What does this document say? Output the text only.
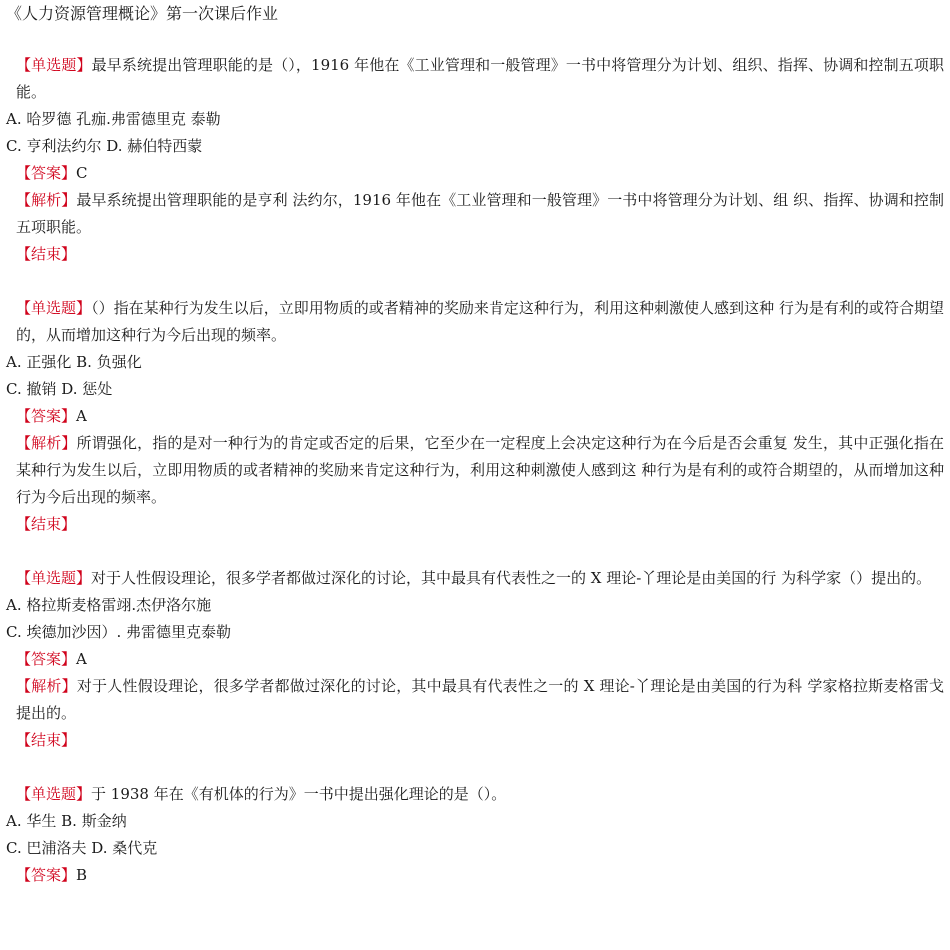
《人力资源管理概论》第一次课后作业

【单选题】最早系统提出管理职能的是（），1916 年他在《工业管理和一般管理》一书中将管理分为计划、组织、指挥、协调和控制五项职能。

A. 哈罗德 孔痂.弗雷德里克 泰勒

C. 亨利法约尔 D. 赫伯特西蒙

【答案】C

【解析】最早系统提出管理职能的是亨利 法约尔，1916 年他在《工业管理和一般管理》一书中将管理分为计划、组 织、指挥、协调和控制五项职能。

【结束】

【单选题】（）指在某种行为发生以后，立即用物质的或者精神的奖励来肯定这种行为，利用这种刺激使人感到这种 行为是有利的或符合期望的，从而增加这种行为今后出现的频率。

A. 正强化 B. 负强化

C. 撤销 D. 惩处

【答案】A

【解析】所谓强化，指的是对一种行为的肯定或否定的后果，它至少在一定程度上会决定这种行为在今后是否会重复 发生，其中正强化指在某种行为发生以后，立即用物质的或者精神的奖励来肯定这种行为，利用这种刺激使人感到这 种行为是有利的或符合期望的，从而增加这种行为今后出现的频率。

【结束】

【单选题】对于人性假设理论，很多学者都做过深化的讨论，其中最具有代表性之一的 X 理论-丫理论是由美国的行 为科学家（）提出的。

A. 格拉斯麦格雷翊.杰伊洛尔施

C. 埃德加沙因）. 弗雷德里克泰勒

【答案】A

【解析】对于人性假设理论，很多学者都做过深化的讨论，其中最具有代表性之一的 X 理论-丫理论是由美国的行为科 学家格拉斯麦格雷戈提出的。

【结束】

【单选题】于 1938 年在《有机体的行为》一书中提出强化理论的是（）。

A. 华生 B. 斯金纳

C. 巴浦洛夫 D. 桑代克

【答案】B
